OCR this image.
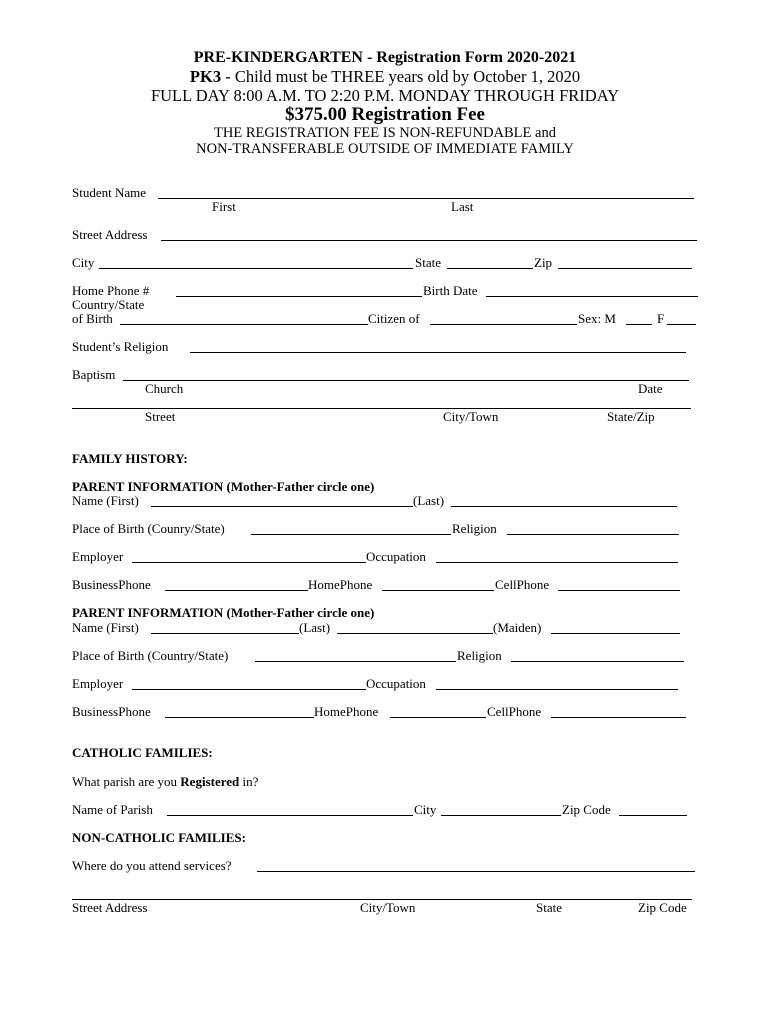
PRE-KINDERGARTEN - Registration Form 2020-2021
PK3 - Child must be THREE years old by October 1, 2020
FULL DAY 8:00 A.M. TO 2:20 P.M. MONDAY THROUGH FRIDAY
$375.00 Registration Fee
THE REGISTRATION FEE IS NON-REFUNDABLE and
NON-TRANSFERABLE OUTSIDE OF IMMEDIATE FAMILY
Student Name
First	Last
Street Address
City	State	Zip
Home Phone #	Birth Date
Country/State
of Birth	Citizen of	Sex: M	F
Student’s Religion
Baptism
Church	Date
Street	City/Town	State/Zip
FAMILY HISTORY:
PARENT INFORMATION (Mother-Father circle one)
Name (First)	(Last)
Place of Birth (Counry/State)	Religion
Employer	Occupation
BusinessPhone	HomePhone	CellPhone
PARENT INFORMATION (Mother-Father circle one)
Name (First)	(Last)	(Maiden)
Place of Birth (Country/State)	Religion
Employer	Occupation
BusinessPhone	HomePhone	CellPhone
CATHOLIC FAMILIES:
What parish are you Registered in?
Name of Parish	City	Zip Code
NON-CATHOLIC FAMILIES:
Where do you attend services?
Street Address	City/Town	State	Zip Code
